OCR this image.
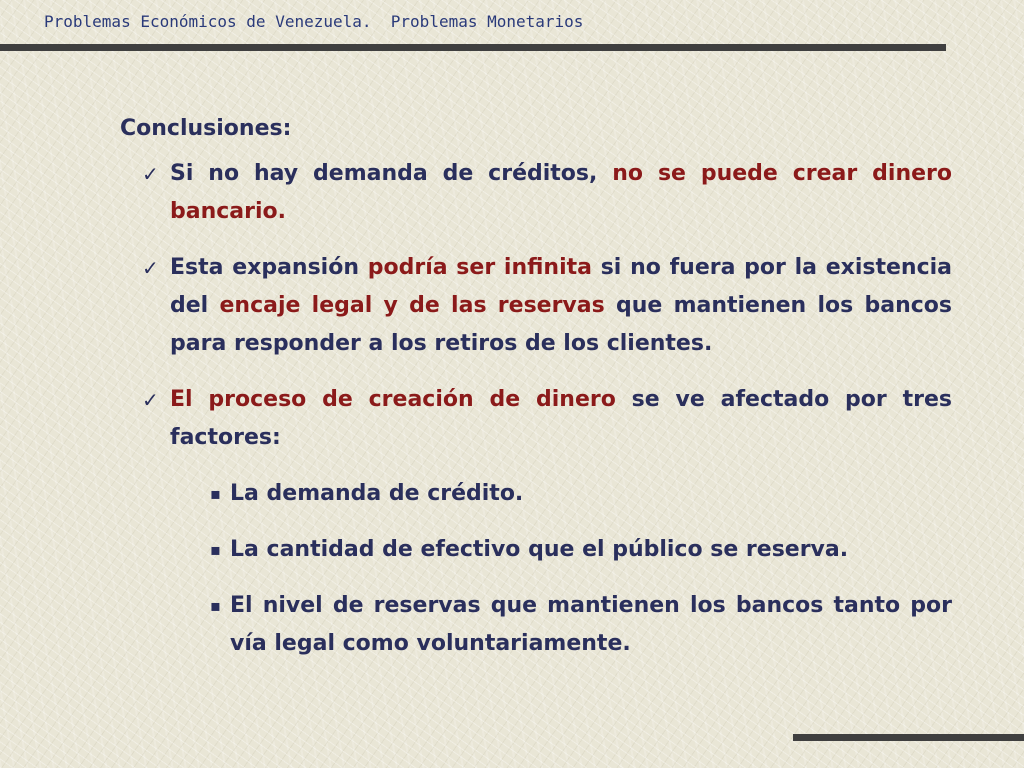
Problemas Económicos de Venezuela.  Problemas Monetarios
Conclusiones:
✓ Si no hay demanda de créditos, no se puede crear dinero bancario.
✓ Esta expansión podría ser infinita si no fuera por la existencia del encaje legal y de las reservas que mantienen los bancos para responder a los retiros de los clientes.
✓ El proceso de creación de dinero se ve afectado por tres factores:
▪ La demanda de crédito.
▪ La cantidad de efectivo que el público se reserva.
▪ El nivel de reservas que mantienen los bancos tanto por vía legal como voluntariamente.
